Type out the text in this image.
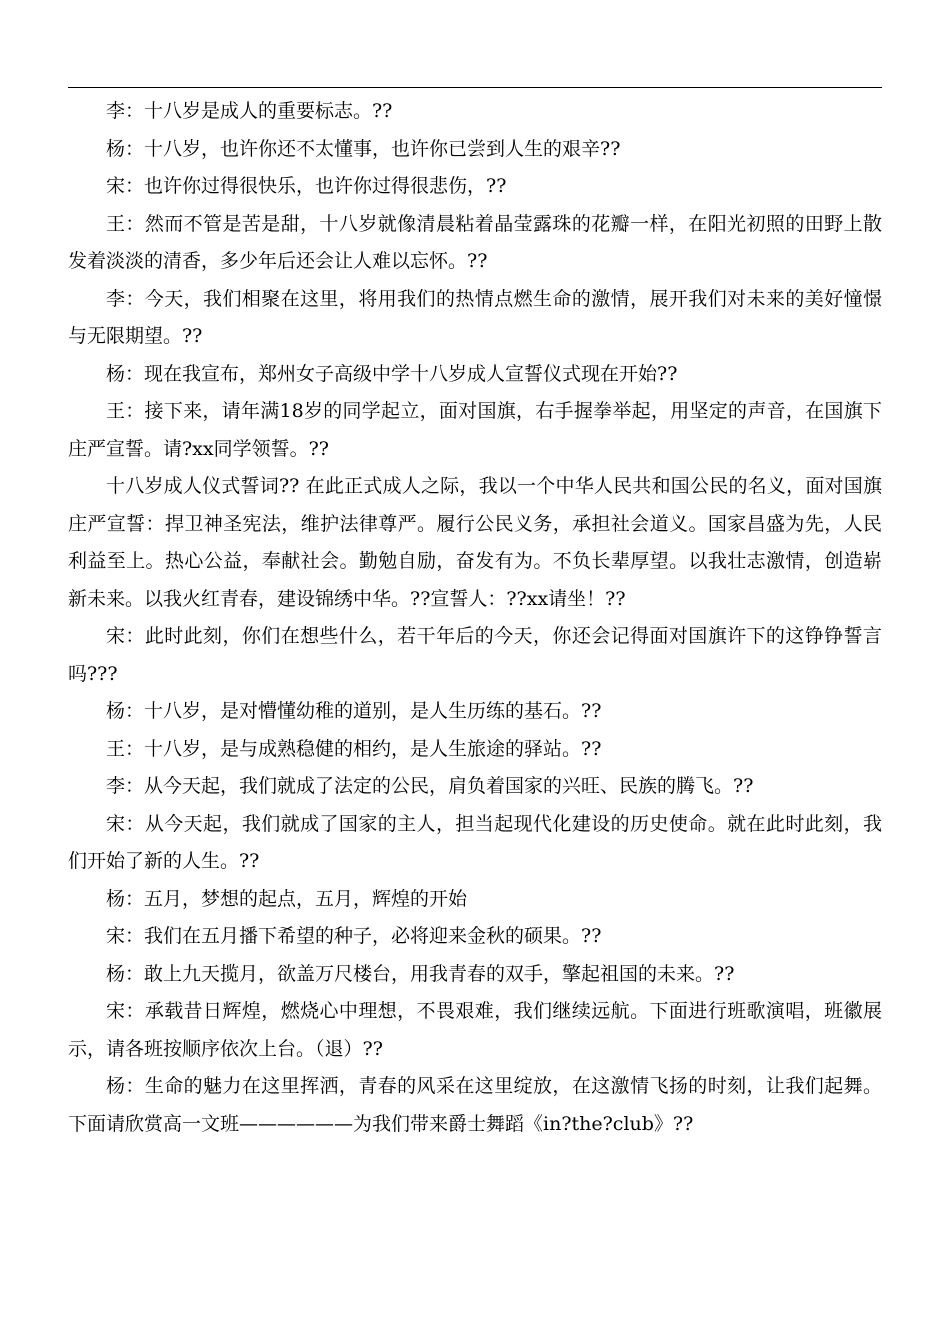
李：十八岁是成人的重要标志。??

杨：十八岁，也许你还不太懂事，也许你已尝到人生的艰辛??

宋：也许你过得很快乐，也许你过得很悲伤，??

王：然而不管是苦是甜，十八岁就像清晨粘着晶莹露珠的花瓣一样，在阳光初照的田野上散发着淡淡的清香，多少年后还会让人难以忘怀。??

李：今天，我们相聚在这里，将用我们的热情点燃生命的激情，展开我们对未来的美好憧憬与无限期望。??

杨：现在我宣布，郑州女子高级中学十八岁成人宣誓仪式现在开始??

王：接下来，请年满18岁的同学起立，面对国旗，右手握拳举起，用坚定的声音，在国旗下庄严宣誓。请?xx同学领誓。??

十八岁成人仪式誓词?? 在此正式成人之际，我以一个中华人民共和国公民的名义，面对国旗庄严宣誓：捍卫神圣宪法，维护法律尊严。履行公民义务，承担社会道义。国家昌盛为先，人民利益至上。热心公益，奉献社会。勤勉自励，奋发有为。不负长辈厚望。以我壮志激情，创造崭新未来。以我火红青春，建设锦绣中华。??宣誓人：??xx请坐！??

宋：此时此刻，你们在想些什么，若干年后的今天，你还会记得面对国旗许下的这铮铮誓言吗???

杨：十八岁，是对懵懂幼稚的道别，是人生历练的基石。??

王：十八岁，是与成熟稳健的相约，是人生旅途的驿站。??

李：从今天起，我们就成了法定的公民，肩负着国家的兴旺、民族的腾飞。??

宋：从今天起，我们就成了国家的主人，担当起现代化建设的历史使命。就在此时此刻，我们开始了新的人生。??

杨：五月，梦想的起点，五月，辉煌的开始

宋：我们在五月播下希望的种子，必将迎来金秋的硕果。??

杨：敢上九天揽月，欲盖万尺楼台，用我青春的双手，擎起祖国的未来。??

宋：承载昔日辉煌，燃烧心中理想，不畏艰难，我们继续远航。下面进行班歌演唱，班徽展示，请各班按顺序依次上台。（退）??

杨：生命的魅力在这里挥洒，青春的风采在这里绽放，在这激情飞扬的时刻，让我们起舞。下面请欣赏高一文班——————为我们带来爵士舞蹈《in?the?club》??
